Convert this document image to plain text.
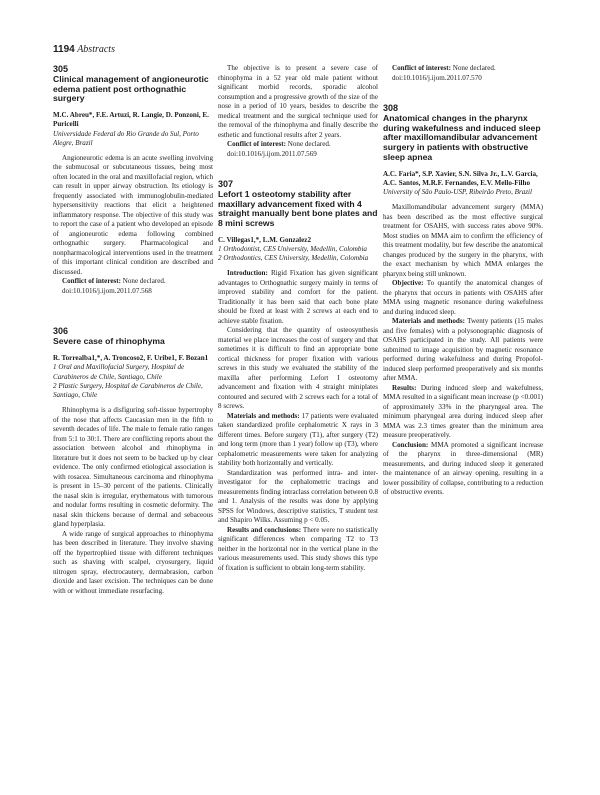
1194 Abstracts
305
Clinical management of angioneurotic edema patient post orthognathic surgery
M.C. Abreu*, F.E. Artuzi, R. Langie, D. Ponzoni, E. Puricelli
Universidade Federal do Rio Grande do Sul, Porto Alegre, Brazil

Angioneurotic edema is an acute swelling involving the submucosal or subcutaneous tissues, being most often located in the oral and maxillofacial region, which can result in upper airway obstruction. Its etiology is frequently associated with immunoglobulin-mediated hypersensitivity reactions that elicit a heightened inflammatory response. The objective of this study was to report the case of a patient who developed an episode of angioneurotic edema following combined orthognathic surgery. Pharmacological and nonpharmacological interventions used in the treatment of this important clinical condition are described and discussed.

Conflict of interest: None declared.

doi:10.1016/j.ijom.2011.07.568

306
Severe case of rhinophyma
R. Torrealba1,*, A. Troncoso2, F. Uribe1, F. Bozan1
1 Oral and Maxillofacial Surgery, Hospital de Carabineros de Chile, Santiago, Chile
2 Plastic Surgery, Hospital de Carabineros de Chile, Santiago, Chile

Rhinophyma is a disfiguring soft-tissue hypertrophy of the nose that affects Caucasian men in the fifth to seventh decades of life. The male to female ratio ranges from 5:1 to 30:1. There are conflicting reports about the association between alcohol and rhinophyma in literature but it does not seem to be backed up by clear evidence. The only confirmed etiological association is with rosacea. Simultaneous carcinoma and rhinophyma is present in 15–30 percent of the patients. Clinically the nasal skin is irregular, erythematous with tumorous and nodular forms resulting in cosmetic deformity. The nasal skin thickens because of dermal and sebaceous gland hyperplasia.

A wide range of surgical approaches to rhinophyma has been described in literature. They involve shaving off the hypertrophied tissue with different techniques such as shaving with scalpel, cryosurgery, liquid nitrogen spray, electrocautery, dermabrasion, carbon dioxide and laser excision. The techniques can be done with or without immediate resurfacing.

The objective is to present a severe case of rhinophyma in a 52 year old male patient without significant morbid records, sporadic alcohol consumption and a progressive growth of the size of the nose in a period of 10 years, besides to describe the medical treatment and the surgical technique used for the removal of the rhinophyma and finally describe the esthetic and functional results after 2 years.

Conflict of interest: None declared.

doi:10.1016/j.ijom.2011.07.569

307
Lefort 1 osteotomy stability after maxillary advancement fixed with 4 straight manually bent bone plates and 8 mini screws
C. Villegas1,*, L.M. Gonzalez2
1 Orthodontist, CES University, Medellin, Colombia
2 Orthodontics, CES University, Medellin, Colombia

Introduction: Rigid Fixation has given significant advantages to Orthognathic surgery mainly in terms of improved stability and comfort for the patient. Traditionally it has been said that each bone plate should be fixed at least with 2 screws at each end to achieve stable fixation.

Considering that the quantity of osteosynthesis material we place increases the cost of surgery and that sometimes it is difficult to find an appropriate bone cortical thickness for proper fixation with various screws in this study we evaluated the stability of the maxilla after performing Lefort I osteotomy advancement and fixation with 4 straight miniplates contoured and secured with 2 screws each for a total of 8 screws.

Materials and methods: 17 patients were evaluated taken standardized profile cephalometric X rays in 3 different times. Before surgery (T1), after surgery (T2) and long term (more than 1 year) follow up (T3), where cephalometric measurements were taken for analyzing stability both horizontally and vertically.

Standardization was performed intra- and inter-investigator for the cephalometric tracings and measurements finding intraclass correlation between 0.8 and 1. Analysis of the results was done by applying SPSS for Windows, descriptive statistics, T student test and Shapiro Wilks. Assuming p < 0.05.

Results and conclusions: There were no statistically significant differences when comparing T2 to T3 neither in the horizontal nor in the vertical plane in the various measurements used. This study shows this type of fixation is sufficient to obtain long-term stability.

Conflict of interest: None declared.

doi:10.1016/j.ijom.2011.07.570

308
Anatomical changes in the pharynx during wakefulness and induced sleep after maxillomandibular advancement surgery in patients with obstructive sleep apnea
A.C. Faria*, S.P. Xavier, S.N. Silva Jr., L.V. Garcia, A.C. Santos, M.R.F. Fernandes, E.V. Mello-Filho
University of São Paulo-USP, Ribeirão Preto, Brazil

Maxillomandibular advancement surgery (MMA) has been described as the most effective surgical treatment for OSAHS, with success rates above 90%. Most studies on MMA aim to confirm the efficiency of this treatment modality, but few describe the anatomical changes produced by the surgery in the pharynx, with the exact mechanism by which MMA enlarges the pharynx being still unknown.

Objective: To quantify the anatomical changes of the pharynx that occurs in patients with OSAHS after MMA using magnetic resonance during wakefulness and during induced sleep.

Materials and methods: Twenty patients (15 males and five females) with a polysonographic diagnosis of OSAHS participated in the study. All patients were submitted to image acquisition by magnetic resonance performed during wakefulness and during Propofol-induced sleep performed preoperatively and six months after MMA.

Results: During induced sleep and wakefulness, MMA resulted in a significant mean increase (p <0.001) of approximately 33% in the pharyngeal area. The minimum pharyngeal area during induced sleep after MMA was 2.3 times greater than the minimum area measure preoperatively.

Conclusion: MMA promoted a significant increase of the pharynx in three-dimensional (MR) measurements, and during induced sleep it generated the maintenance of an airway opening, resulting in a lower possibility of collapse, contributing to a reduction of obstructive events.
